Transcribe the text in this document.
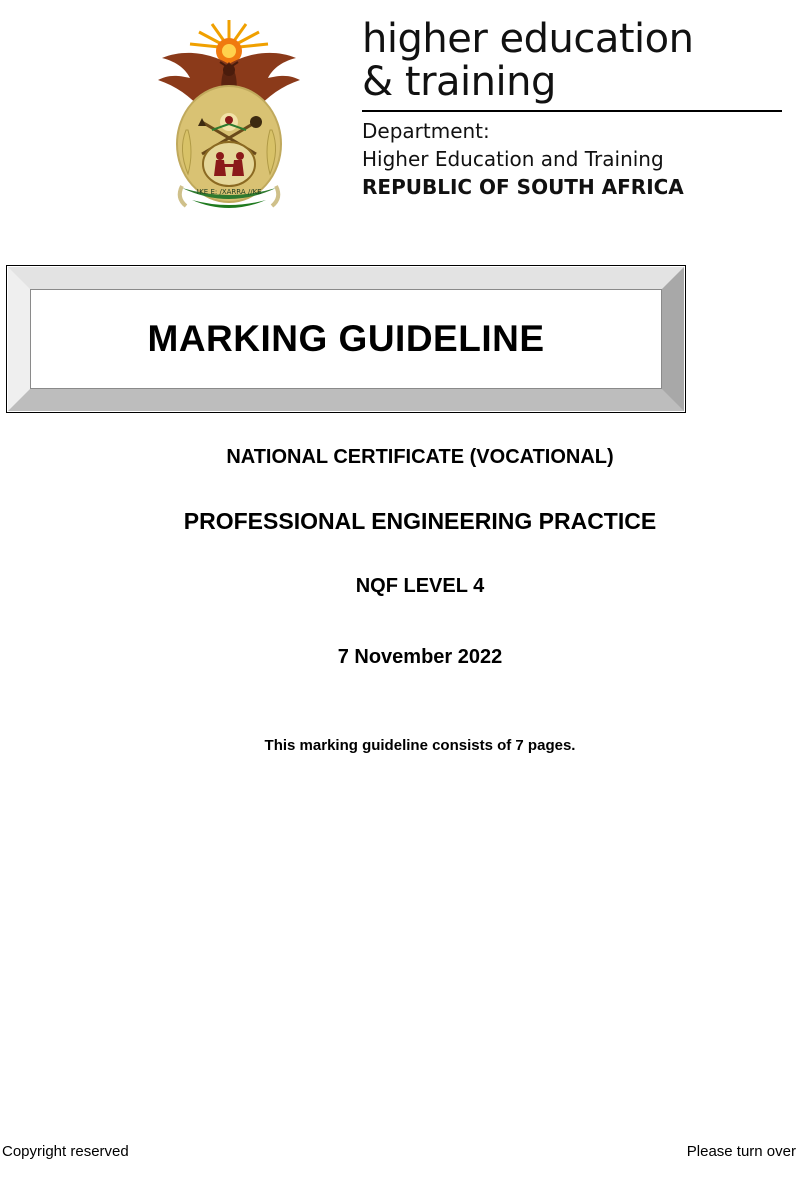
!KE E: /XARRA //KE
higher education
& training
Department:
Higher Education and Training
REPUBLIC OF SOUTH AFRICA
MARKING GUIDELINE
NATIONAL CERTIFICATE (VOCATIONAL)
PROFESSIONAL ENGINEERING PRACTICE
NQF LEVEL 4
7 November 2022
This marking guideline consists of 7 pages.
Copyright reserved	Please turn over
